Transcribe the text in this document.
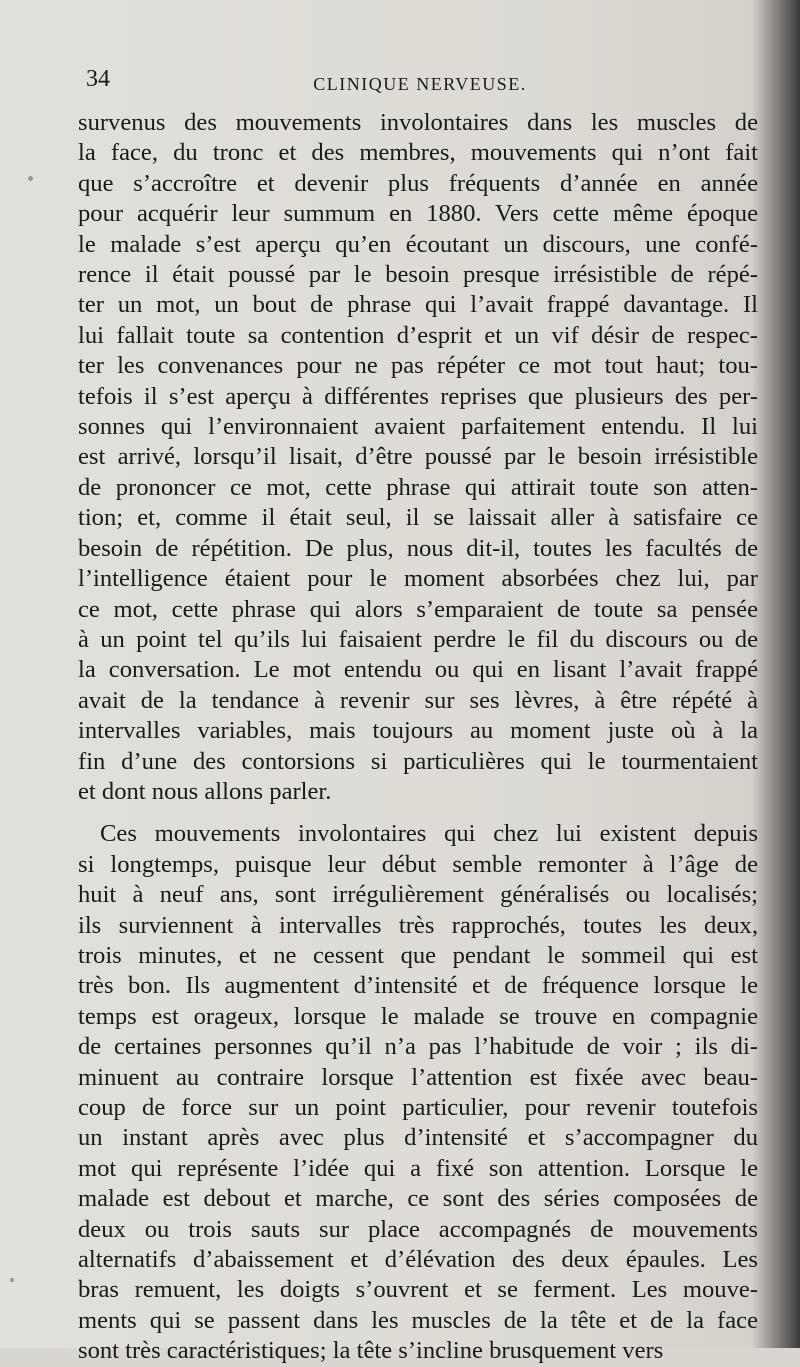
34	CLINIQUE NERVEUSE.
survenus des mouvements involontaires dans les muscles de
la face, du tronc et des membres, mouvements qui n’ont fait
que s’accroître et devenir plus fréquents d’année en année
pour acquérir leur summum en 1880. Vers cette même époque
le malade s’est aperçu qu’en écoutant un discours, une confé-
rence il était poussé par le besoin presque irrésistible de répé-
ter un mot, un bout de phrase qui l’avait frappé davantage. Il
lui fallait toute sa contention d’esprit et un vif désir de respec-
ter les convenances pour ne pas répéter ce mot tout haut; tou-
tefois il s’est aperçu à différentes reprises que plusieurs des per-
sonnes qui l’environnaient avaient parfaitement entendu. Il lui
est arrivé, lorsqu’il lisait, d’être poussé par le besoin irrésistible
de prononcer ce mot, cette phrase qui attirait toute son atten-
tion; et, comme il était seul, il se laissait aller à satisfaire ce
besoin de répétition. De plus, nous dit-il, toutes les facultés de
l’intelligence étaient pour le moment absorbées chez lui, par
ce mot, cette phrase qui alors s’emparaient de toute sa pensée
à un point tel qu’ils lui faisaient perdre le fil du discours ou de
la conversation. Le mot entendu ou qui en lisant l’avait frappé
avait de la tendance à revenir sur ses lèvres, à être répété à
intervalles variables, mais toujours au moment juste où à la
fin d’une des contorsions si particulières qui le tourmentaient
et dont nous allons parler.
Ces mouvements involontaires qui chez lui existent depuis
si longtemps, puisque leur début semble remonter à l’âge de
huit à neuf ans, sont irrégulièrement généralisés ou localisés;
ils surviennent à intervalles très rapprochés, toutes les deux,
trois minutes, et ne cessent que pendant le sommeil qui est
très bon. Ils augmentent d’intensité et de fréquence lorsque le
temps est orageux, lorsque le malade se trouve en compagnie
de certaines personnes qu’il n’a pas l’habitude de voir ; ils di-
minuent au contraire lorsque l’attention est fixée avec beau-
coup de force sur un point particulier, pour revenir toutefois
un instant après avec plus d’intensité et s’accompagner du
mot qui représente l’idée qui a fixé son attention. Lorsque le
malade est debout et marche, ce sont des séries composées de
deux ou trois sauts sur place accompagnés de mouvements
alternatifs d’abaissement et d’élévation des deux épaules. Les
bras remuent, les doigts s’ouvrent et se ferment. Les mouve-
ments qui se passent dans les muscles de la tête et de la face
sont très caractéristiques; la tête s’incline brusquement vers
